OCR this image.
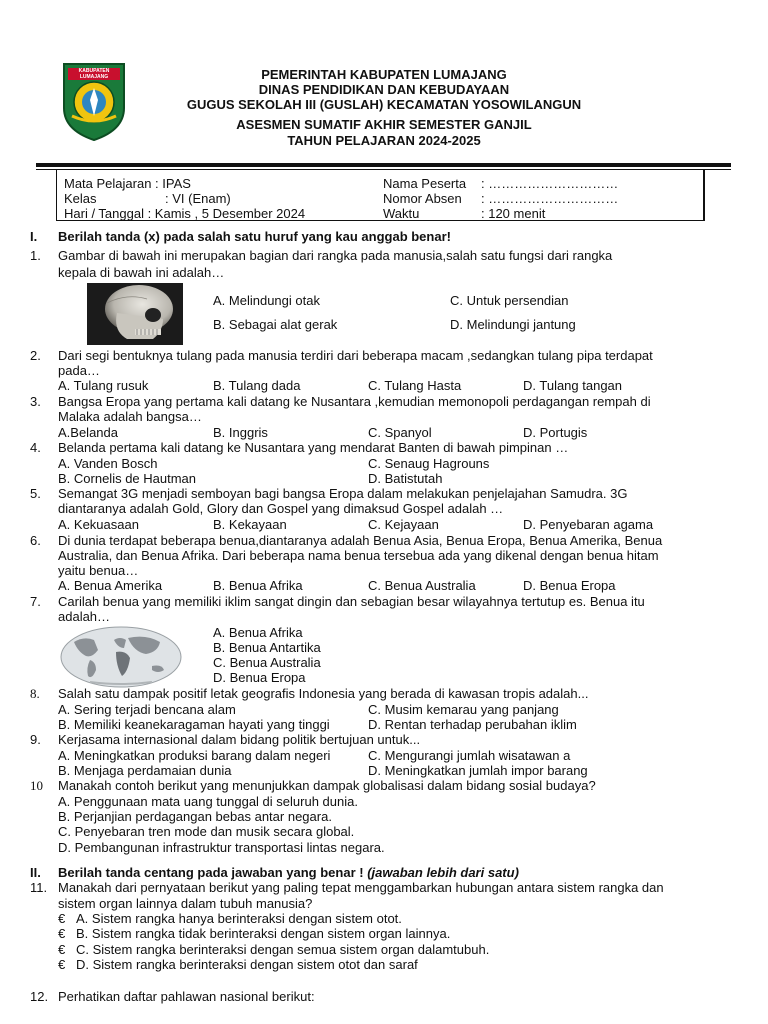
KABUPATEN LUMAJANG	PEMERINTAH KABUPATEN LUMAJANG
DINAS PENDIDIKAN DAN KEBUDAYAAN
GUGUS SEKOLAH III (GUSLAH) KECAMATAN YOSOWILANGUN
ASESMEN SUMATIF AKHIR SEMESTER GANJIL
TAHUN PELAJARAN 2024-2025
Mata Pelajaran : IPAS
Kelas	: VI (Enam)
Hari / Tanggal : Kamis , 5 Desember 2024
Nama Peserta : …………………………
Nomor Absen : …………………………
Waktu	: 120 menit
I. Berilah tanda (x) pada salah satu huruf yang kau anggab benar!
1. Gambar di bawah ini merupakan bagian dari rangka pada manusia,salah satu fungsi dari rangka
kepala di bawah ini adalah…
A. Melindungi otak
B. Sebagai alat gerak
C. Untuk persendian
D. Melindungi jantung
2. Dari segi bentuknya tulang pada manusia terdiri dari beberapa macam ,sedangkan tulang pipa terdapat
pada…
A. Tulang rusuk	B. Tulang dada	C. Tulang Hasta	D. Tulang tangan
3. Bangsa Eropa yang pertama kali datang ke Nusantara ,kemudian memonopoli perdagangan rempah di
Malaka adalah bangsa…
A.Belanda	B. Inggris	C. Spanyol	D. Portugis
4. Belanda pertama kali datang ke Nusantara yang mendarat Banten di bawah pimpinan …
A. Vanden Bosch
B. Cornelis de Hautman
C. Senaug Hagrouns
D. Batistutah
5. Semangat 3G menjadi semboyan bagi bangsa Eropa dalam melakukan penjelajahan Samudra. 3G
diantaranya adalah Gold, Glory dan Gospel yang dimaksud Gospel adalah …
A. Kekuasaan	B. Kekayaan	C. Kejayaan	D. Penyebaran agama
6. Di dunia terdapat beberapa benua,diantaranya adalah Benua Asia, Benua Eropa, Benua Amerika, Benua
Australia, dan Benua Afrika. Dari beberapa nama benua tersebua ada yang dikenal dengan benua hitam
yaitu benua…
A. Benua Amerika	B. Benua Afrika	C. Benua Australia	D. Benua Eropa
7. Carilah benua yang memiliki iklim sangat dingin dan sebagian besar wilayahnya tertutup es. Benua itu
adalah…
A. Benua Afrika
B. Benua Antartika
C. Benua Australia
D. Benua Eropa
8. Salah satu dampak positif letak geografis Indonesia yang berada di kawasan tropis adalah...
A. Sering terjadi bencana alam
B. Memiliki keanekaragaman hayati yang tinggi
C. Musim kemarau yang panjang
D. Rentan terhadap perubahan iklim
9. Kerjasama internasional dalam bidang politik bertujuan untuk...
A. Meningkatkan produksi barang dalam negeri
B. Menjaga perdamaian dunia
C. Mengurangi jumlah wisatawan a
D. Meningkatkan jumlah impor barang
10 Manakah contoh berikut yang menunjukkan dampak globalisasi dalam bidang sosial budaya?
A. Penggunaan mata uang tunggal di seluruh dunia.
B. Perjanjian perdagangan bebas antar negara.
C. Penyebaran tren mode dan musik secara global.
D. Pembangunan infrastruktur transportasi lintas negara.
II. Berilah tanda centang pada jawaban yang benar ! (jawaban lebih dari satu)
11. Manakah dari pernyataan berikut yang paling tepat menggambarkan hubungan antara sistem rangka dan
sistem organ lainnya dalam tubuh manusia?
€ A. Sistem rangka hanya berinteraksi dengan sistem otot.
€ B. Sistem rangka tidak berinteraksi dengan sistem organ lainnya.
€ C. Sistem rangka berinteraksi dengan semua sistem organ dalamtubuh.
€ D. Sistem rangka berinteraksi dengan sistem otot dan saraf
12. Perhatikan daftar pahlawan nasional berikut:
